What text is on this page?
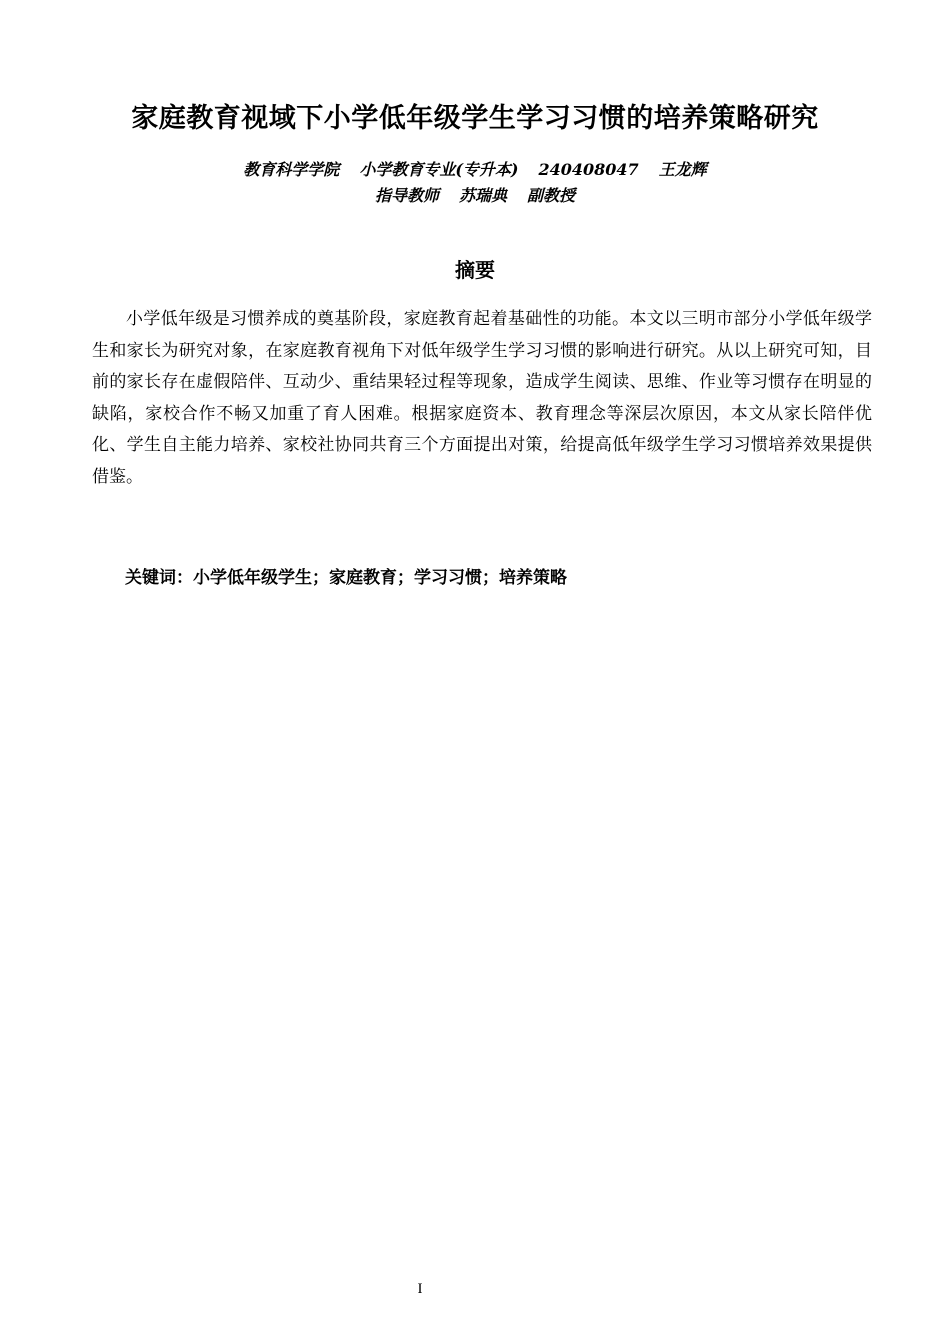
家庭教育视域下小学低年级学生学习习惯的培养策略研究
教育科学学院 小学教育专业(专升本) 240408047 王龙辉
指导教师 苏瑞典 副教授
摘要

小学低年级是习惯养成的奠基阶段，家庭教育起着基础性的功能。本文以三明市部分小学低年级学生和家长为研究对象，在家庭教育视角下对低年级学生学习习惯的影响进行研究。从以上研究可知，目前的家长存在虚假陪伴、互动少、重结果轻过程等现象，造成学生阅读、思维、作业等习惯存在明显的缺陷，家校合作不畅又加重了育人困难。根据家庭资本、教育理念等深层次原因，本文从家长陪伴优化、学生自主能力培养、家校社协同共育三个方面提出对策，给提高低年级学生学习习惯培养效果提供借鉴。

关键词：小学低年级学生；家庭教育；学习习惯；培养策略
I
